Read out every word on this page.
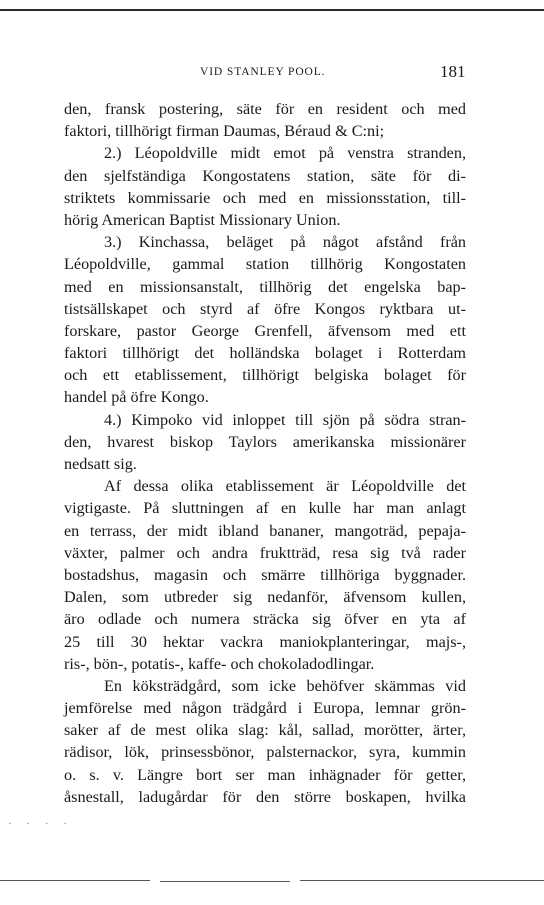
VID STANLEY POOL.	181
den, fransk postering, säte för en resident och med
faktori, tillhörigt firman Daumas, Béraud & C:ni;
2.) Léopoldville midt emot på venstra stranden,
den sjelfständiga Kongostatens station, säte för di-
striktets kommissarie och med en missionsstation, till-
hörig American Baptist Missionary Union.
3.) Kinchassa, beläget på något afstånd från
Léopoldville, gammal station tillhörig Kongostaten
med en missionsanstalt, tillhörig det engelska bap-
tistsällskapet och styrd af öfre Kongos ryktbara ut-
forskare, pastor George Grenfell, äfvensom med ett
faktori tillhörigt det holländska bolaget i Rotterdam
och ett etablissement, tillhörigt belgiska bolaget för
handel på öfre Kongo.
4.) Kimpoko vid inloppet till sjön på södra stran-
den, hvarest biskop Taylors amerikanska missionärer
nedsatt sig.
Af dessa olika etablissement är Léopoldville det
vigtigaste. På sluttningen af en kulle har man anlagt
en terrass, der midt ibland bananer, mangoträd, pepaja-
växter, palmer och andra fruktträd, resa sig två rader
bostadshus, magasin och smärre tillhöriga byggnader.
Dalen, som utbreder sig nedanför, äfvensom kullen,
äro odlade och numera sträcka sig öfver en yta af
25 till 30 hektar vackra maniokplanteringar, majs-,
ris-, bön-, potatis-, kaffe- och chokoladodlingar.
En köksträdgård, som icke behöfver skämmas vid
jemförelse med någon trädgård i Europa, lemnar grön-
saker af de mest olika slag: kål, sallad, morötter, ärter,
rädisor, lök, prinsessbönor, palsternackor, syra, kummin
o. s. v. Längre bort ser man inhägnader för getter,
åsnestall, ladugårdar för den större boskapen, hvilka
· · · ·
